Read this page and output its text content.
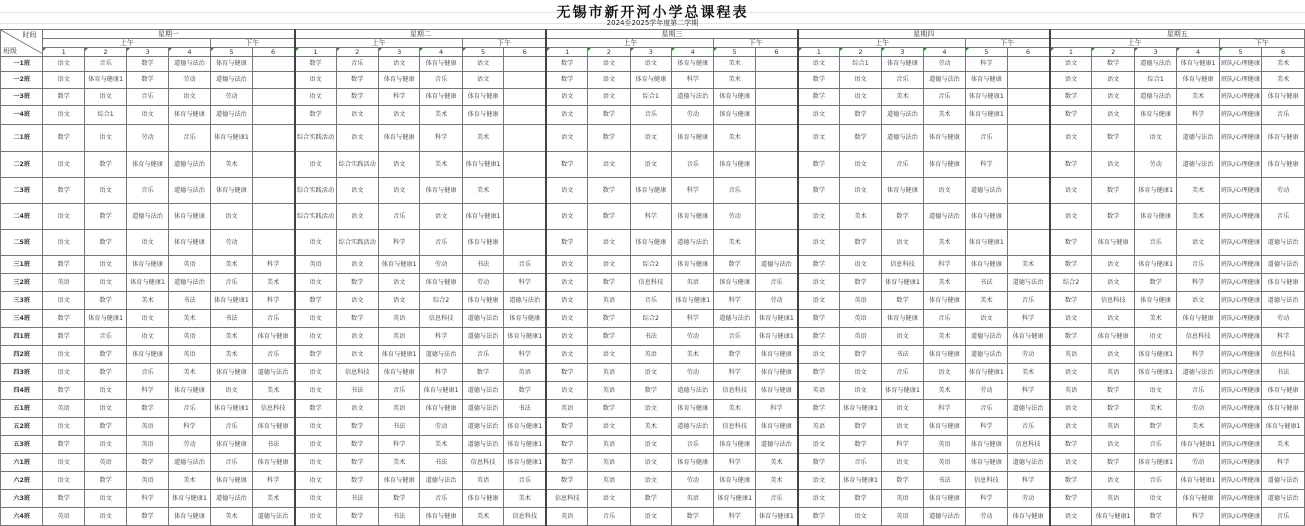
无锡市新开河小学总课程表
2024至2025学年度第二学期
时间
班级	星期一						星期二						星期三						星期四						星期五					
	上午				下午		上午				下午		上午				下午		上午				下午		上午				下午	

1	2	3	4	5	6	1	2	3	4	5	6	1	2	3	4	5	6	1	2	3	4	5	6	1	2	3	4	5	6
一1班	语文	音乐	数学	道德与法治	体育与健康		数学	音乐	语文	体育与健康	语文		数学	语文	语文	体育与健康	美术		语文	综合1	体育与健康	劳动	科学		语文	数学	道德与法治	体育与健康1	班队/心理健康	美术
一2班	语文	体育与健康1	数学	劳动	道德与法治		语文	数学	体育与健康	音乐	语文		数学	语文	体育与健康	科学	美术		数学	语文	音乐	道德与法治	体育与健康		语文	语文	综合1	体育与健康	班队/心理健康	美术
一3班	数学	语文	音乐	语文	劳动		语文	数学	科学	体育与健康	体育与健康		语文	语文	综合1	道德与法治	体育与健康		数学	语文	美术	音乐	体育与健康1		数学	语文	道德与法治	美术	班队/心理健康	体育与健康
一4班	语文	综合1	语文	体育与健康	道德与法治		数学	语文	语文	美术	体育与健康		语文	数学	音乐	劳动	体育与健康		语文	数学	道德与法治	美术	体育与健康1		数学	语文	体育与健康	科学	班队/心理健康	音乐
二1班	数学	语文	劳动	音乐	体育与健康1		综合实践活动	语文	体育与健康	科学	美术		语文	数学	语文	体育与健康	美术		语文	数学	道德与法治	体育与健康	音乐		语文	数学	语文	道德与法治	班队/心理健康	体育与健康
二2班	语文	数学	体育与健康	道德与法治	美术		语文	综合实践活动	语文	美术	体育与健康1		数学	语文	语文	音乐	体育与健康		数学	语文	音乐	体育与健康	科学		数学	语文	劳动	道德与法治	班队/心理健康	体育与健康
二3班	数学	语文	音乐	道德与法治	体育与健康		综合实践活动	语文	语文	体育与健康	美术		语文	数学	体育与健康	科学	音乐		数学	语文	体育与健康	语文	道德与法治		语文	数学	体育与健康1	美术	班队/心理健康	劳动
二4班	语文	数学	道德与法治	体育与健康	语文		综合实践活动	语文	音乐	语文	体育与健康1		语文	数学	科学	体育与健康	劳动		语文	美术	数学	道德与法治	体育与健康		语文	数学	体育与健康	美术	班队/心理健康	音乐
二5班	语文	数学	语文	体育与健康	劳动		语文	综合实践活动	科学	音乐	体育与健康		数学	语文	体育与健康	道德与法治	美术		语文	数学	语文	美术	体育与健康1		数学	体育与健康	音乐	语文	班队/心理健康	道德与法治
三1班	数学	语文	体育与健康	英语	美术	科学	英语	语文	体育与健康1	劳动	书法	音乐	语文	语文	综合2	体育与健康	数学	道德与法治	数学	语文	信息科技	科学	体育与健康	美术	数学	语文	体育与健康1	音乐	班队/心理健康	道德与法治
三2班	英语	语文	体育与健康1	道德与法治	音乐	美术	语文	数学	语文	体育与健康	劳动	科学	语文	数学	信息科技	英语	体育与健康	音乐	语文	数学	体育与健康1	美术	书法	道德与法治	综合2	语文	数学	科学	班队/心理健康	体育与健康
三3班	语文	数学	美术	书法	体育与健康1	科学	数学	语文	语文	综合2	体育与健康	道德与法治	语文	英语	音乐	体育与健康1	科学	劳动	语文	英语	数学	体育与健康	美术	音乐	数学	信息科技	体育与健康	语文	班队/心理健康	道德与法治
三4班	数学	体育与健康1	语文	美术	书法	音乐	语文	数学	英语	信息科技	道德与法治	体育与健康	语文	数学	综合2	科学	道德与法治	体育与健康1	数学	英语	体育与健康	音乐	语文	科学	语文	语文	美术	体育与健康	班队/心理健康	劳动
四1班	数学	音乐	语文	英语	美术	体育与健康	语文	语文	英语	科学	道德与法治	体育与健康1	语文	数学	书法	劳动	音乐	体育与健康1	数学	英语	语文	美术	道德与法治	体育与健康	数学	体育与健康	语文	信息科技	班队/心理健康	科学
四2班	语文	数学	体育与健康	英语	美术	音乐	数学	语文	体育与健康1	道德与法治	音乐	科学	语文	语文	英语	美术	数学	体育与健康	语文	数学	书法	体育与健康	道德与法治	劳动	英语	语文	体育与健康1	科学	班队/心理健康	信息科技
四3班	语文	数学	音乐	美术	体育与健康	道德与法治	语文	信息科技	体育与健康	科学	数学	英语	数学	英语	语文	劳动	科学	体育与健康	数学	语文	音乐	语文	体育与健康1	美术	语文	英语	体育与健康1	道德与法治	班队/心理健康	书法
四4班	数学	语文	科学	体育与健康	语文	美术	语文	书法	音乐	体育与健康1	道德与法治	数学	语文	英语	数学	道德与法治	信息科技	体育与健康	英语	语文	体育与健康1	美术	劳动	科学	英语	数学	语文	音乐	班队/心理健康	体育与健康
五1班	英语	语文	数学	音乐	体育与健康1	信息科技	数学	语文	英语	体育与健康	道德与法治	书法	英语	数学	语文	体育与健康	美术	科学	数学	体育与健康1	语文	科学	音乐	道德与法治	语文	数学	美术	劳动	班队/心理健康	体育与健康
五2班	语文	数学	英语	科学	音乐	体育与健康	语文	数学	书法	劳动	道德与法治	体育与健康1	数学	语文	美术	道德与法治	信息科技	体育与健康	英语	数学	语文	体育与健康	科学	音乐	语文	英语	数学	美术	班队/心理健康	体育与健康1
五3班	数学	语文	英语	劳动	体育与健康	书法	语文	数学	科学	美术	道德与法治	体育与健康1	数学	英语	语文	音乐	体育与健康	道德与法治	语文	数学	科学	英语	体育与健康	信息科技	数学	语文	音乐	体育与健康1	班队/心理健康	美术
六1班	语文	英语	数学	道德与法治	音乐	体育与健康	语文	数学	美术	书法	信息科技	体育与健康1	数学	英语	语文	体育与健康	科学	美术	数学	音乐	语文	英语	体育与健康	道德与法治	语文	数学	体育与健康1	劳动	班队/心理健康	科学
六2班	语文	数学	英语	美术	体育与健康	科学	语文	数学	体育与健康	道德与法治	英语	音乐	数学	英语	语文	劳动	体育与健康	美术	语文	体育与健康1	数学	书法	信息科技	科学	数学	语文	音乐	体育与健康1	班队/心理健康	道德与法治
六3班	数学	语文	科学	体育与健康1	道德与法治	美术	语文	书法	数学	音乐	体育与健康	美术	信息科技	语文	数学	英语	体育与健康1	音乐	语文	数学	英语	体育与健康	科学	劳动	数学	英语	语文	体育与健康	班队/心理健康	道德与法治
六4班	英语	语文	数学	体育与健康	美术	道德与法治	语文	数学	书法	体育与健康	美术	信息科技	英语	音乐	语文	数学	科学	体育与健康1	数学	语文	英语	道德与法治	劳动	体育与健康	语文	体育与健康1	数学	科学	班队/心理健康	音乐
